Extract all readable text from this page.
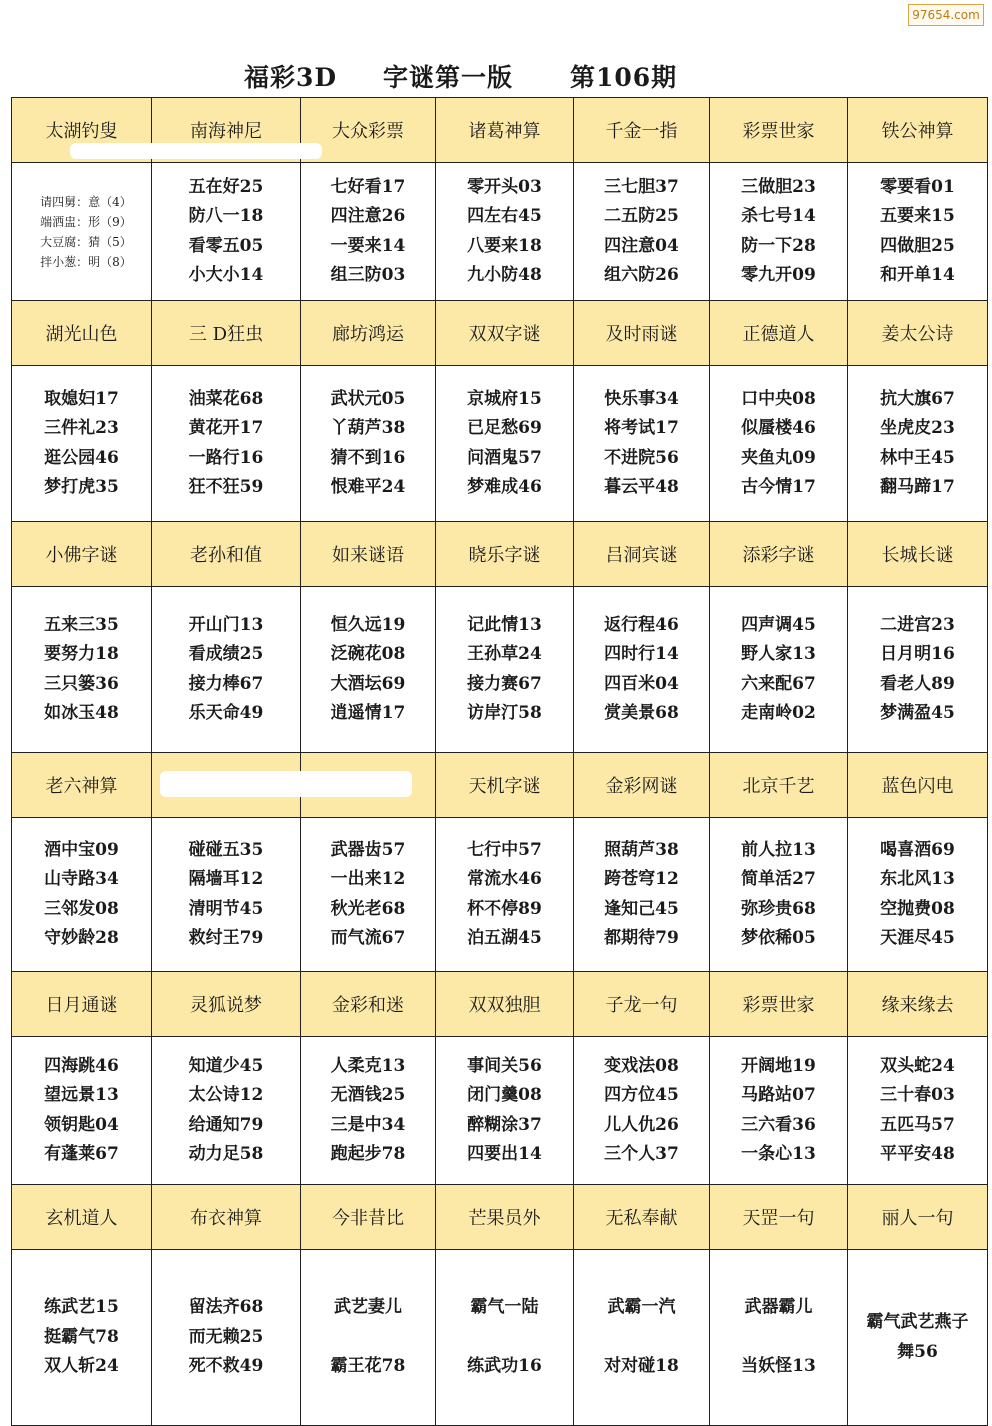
97654.com
福彩3D 字谜第一版 第106期
太湖钓叟	南海神尼	大众彩票	诸葛神算	千金一指	彩票世家	铁公神算

请四舅：意（4）
端洒盅：形（9）
大豆腐：猜（5）
拌小葱：明（8）	五在好25
防八一18
看零五05
小大小14	七好看17
四注意26
一要来14
组三防03	零开头03
四左右45
八要来18
九小防48	三七胆37
二五防25
四注意04
组六防26	三做胆23
杀七号14
防一下28
零九开09	零要看01
五要来15
四做胆25
和开单14

湖光山色	三 D狂虫	廊坊鸿运	双双字谜	及时雨谜	正德道人	姜太公诗

取媳妇17
三件礼23
逛公园46
梦打虎35	油菜花68
黄花开17
一路行16
狂不狂59	武状元05
丫葫芦38
猜不到16
恨难平24	京城府15
已足愁69
问酒鬼57
梦难成46	快乐事34
将考试17
不进院56
暮云平48	口中央08
似蜃楼46
夹鱼丸09
古今情17	抗大旗67
坐虎皮23
林中王45
翻马蹄17

小佛字谜	老孙和值	如来谜语	晓乐字谜	吕洞宾谜	添彩字谜	长城长谜

五来三35
要努力18
三只篓36
如冰玉48	开山门13
看成绩25
接力棒67
乐天命49	恒久远19
泛碗花08
大酒坛69
逍遥情17	记此情13
王孙草24
接力赛67
访岸汀58	返行程46
四时行14
四百米04
赏美景68	四声调45
野人家13
六来配67
走南岭02	二进宫23
日月明16
看老人89
梦满盈45

老六神算			天机字谜	金彩网谜	北京千艺	蓝色闪电

酒中宝09
山寺路34
三邻发08
守妙龄28	碰碰五35
隔墙耳12
清明节45
救纣王79	武器齿57
一出来12
秋光老68
而气流67	七行中57
常流水46
杯不停89
泊五湖45	照葫芦38
跨苍穹12
逢知己45
都期待79	前人拉13
简单活27
弥珍贵68
梦依稀05	喝喜酒69
东北风13
空抛费08
天涯尽45

日月通谜	灵狐说梦	金彩和迷	双双独胆	子龙一句	彩票世家	缘来缘去

四海跳46
望远景13
领钥匙04
有蓬莱67	知道少45
太公诗12
给通知79
动力足58	人柔克13
无酒钱25
三是中34
跑起步78	事间关56
闭门羹08
醉糊涂37
四要出14	变戏法08
四方位45
儿人仇26
三个人37	开阔地19
马路站07
三六看36
一条心13	双头蛇24
三十春03
五匹马57
平平安48

玄机道人	布衣神算	今非昔比	芒果员外	无私奉献	天罡一句	丽人一句

练武艺15
挺霸气78
双人斩24	留法齐68
而无赖25
死不救49	武艺妻儿

霸王花78	霸气一陆

练武功16	武霸一汽

对对碰18	武器霸儿

当妖怪13	霸气武艺燕子
舞56
